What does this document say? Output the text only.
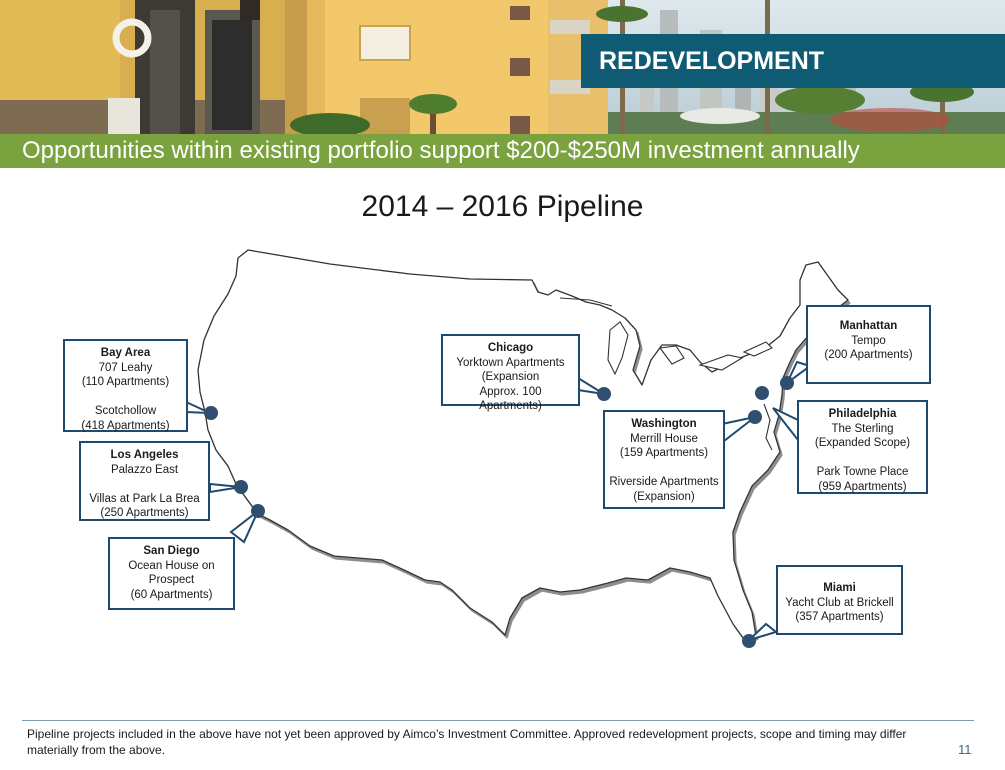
REDEVELOPMENT
Opportunities within existing portfolio support $200-$250M investment annually
2014 – 2016 Pipeline
Bay Area
707 Leahy
(110 Apartments)
Scotchollow
(418 Apartments)
Los Angeles
Palazzo East
Villas at Park La Brea
(250 Apartments)
San Diego
Ocean House on
Prospect
(60 Apartments)
Chicago
Yorktown Apartments
(Expansion
Approx. 100 Apartments)
Washington
Merrill House
(159 Apartments)
Riverside Apartments
(Expansion)
Manhattan
Tempo
(200 Apartments)
Philadelphia
The Sterling
(Expanded Scope)
Park Towne Place
(959 Apartments)
Miami
Yacht Club at Brickell
(357 Apartments)
Pipeline projects included in the above have not yet been approved by Aimco’s Investment Committee. Approved redevelopment projects, scope and timing may differ materially from the above.	11
